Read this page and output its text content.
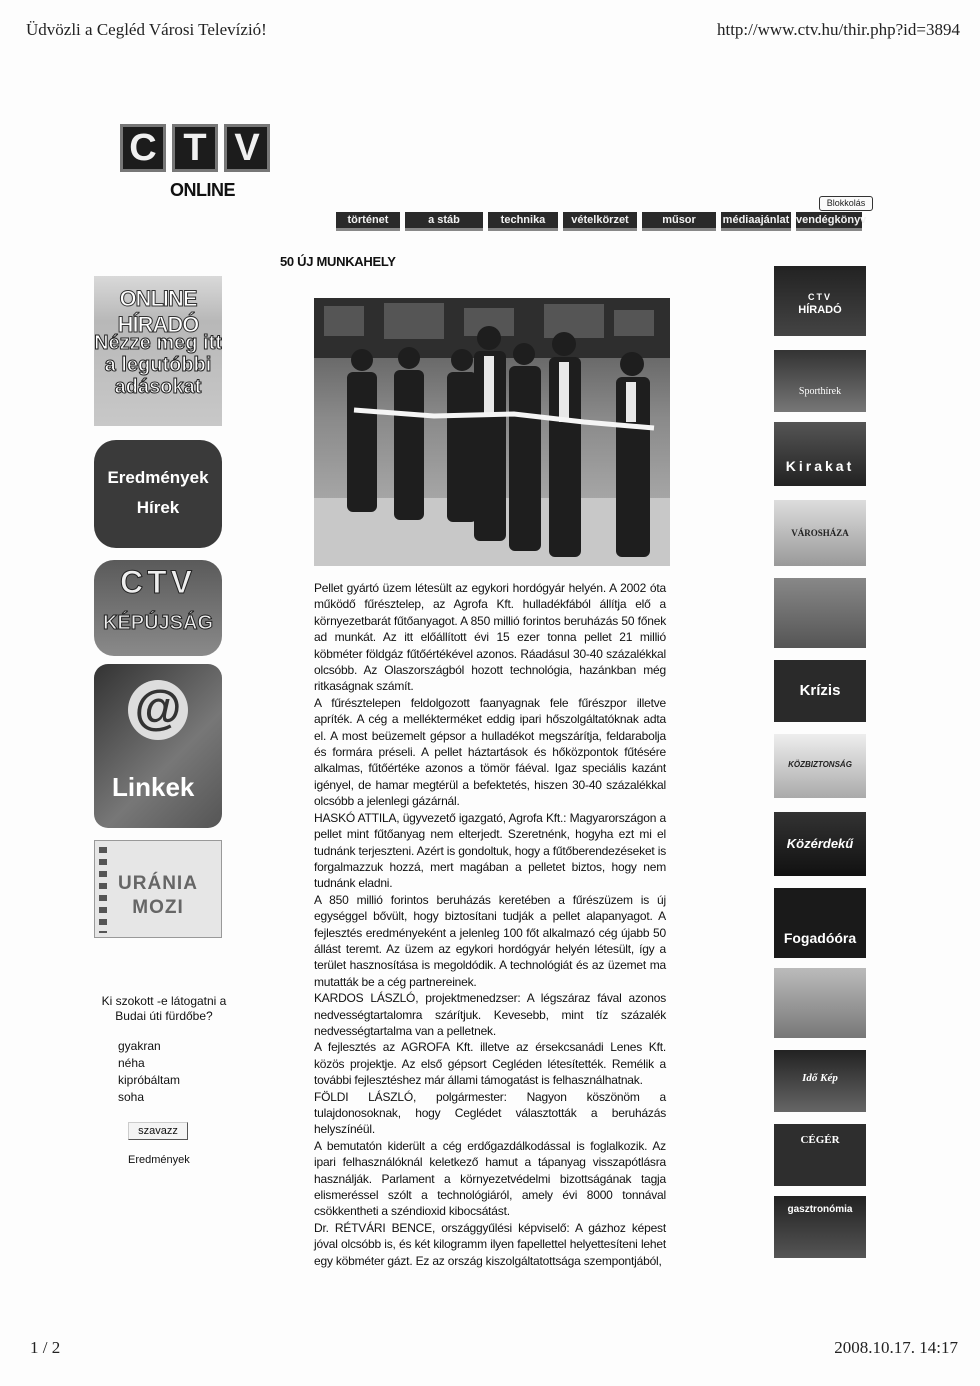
Üdvözli a Cegléd Városi Televízió!	http://www.ctv.hu/thir.php?id=3894
C T V
ONLINE
Blokkolás
történet	a stáb	technika	vételkörzet	műsor	médiaajánlat vendégkönyv
50 ÚJ MUNKAHELY
ONLINE HÍRADÓ
Nézze meg itt
a legutóbbi
adásokat
Eredmények
Hírek
CTV
KÉPÚJSÁG
@
Linkek
URÁNIA
MOZI
Ki szokott -e látogatni a Budai úti fürdőbe?
gyakran
néha
kipróbáltam
soha
szavazz
Eredmények

Pellet gyártó üzem létesült az egykori hordógyár helyén. A 2002 óta működő fűrésztelep, az Agrofa Kft. hulladékfából állítja elő a környezetbarát fűtőanyagot. A 850 millió forintos beruházás 50 főnek ad munkát. Az itt előállított évi 15 ezer tonna pellet 21 millió köbméter földgáz fűtőértékével azonos. Ráadásul 30-40 százalékkal olcsóbb. Az Olaszországból hozott technológia, hazánkban még ritkaságnak számít.

A fűrésztelepen feldolgozott faanyagnak fele fűrészpor illetve apríték. A cég a mellékterméket eddig ipari hőszolgáltatóknak adta el. A most beüzemelt gépsor a hulladékot megszárítja, feldarabolja és formára préseli. A pellet háztartások és hőközpontok fűtésére alkalmas, fűtőértéke azonos a tömör fáéval. Igaz speciális kazánt igényel, de hamar megtérül a befektetés, hiszen 30-40 százalékkal olcsóbb a jelenlegi gázárnál.

HASKÓ ATTILA, ügyvezető igazgató, Agrofa Kft.: Magyarországon a pellet mint fűtőanyag nem elterjedt. Szeretnénk, hogyha ezt mi el tudnánk terjeszteni. Azért is gondoltuk, hogy a fűtőberendezéseket is forgalmazzuk hozzá, mert magában a pelletet biztos, hogy nem tudnánk eladni.

A 850 millió forintos beruházás keretében a fűrészüzem is új egységgel bővült, hogy biztosítani tudják a pellet alapanyagot. A fejlesztés eredményeként a jelenleg 100 főt alkalmazó cég újabb 50 állást teremt. Az üzem az egykori hordógyár helyén létesült, így a terület hasznosítása is megoldódik. A technológiát és az üzemet ma mutatták be a cég partnereinek.

KARDOS LÁSZLÓ, projektmenedzser: A légszáraz fával azonos nedvességtartalomra szárítjuk. Kevesebb, mint tíz százalék nedvességtartalma van a pelletnek.

A fejlesztés az AGROFA Kft. illetve az érsekcsanádi Lenes Kft. közös projektje. Az első gépsort Cegléden létesítették. Remélik a további fejlesztéshez már állami támogatást is felhasználhatnak.

FÖLDI LÁSZLÓ, polgármester: Nagyon köszönöm a tulajdonosoknak, hogy Ceglédet választották a beruházás helyszínéül.

A bemutatón kiderült a cég erdőgazdálkodással is foglalkozik. Az ipari felhasználóknál keletkező hamut a tápanyag visszapótlásra használják. Parlament a környezetvédelmi bizottságának tagja elismeréssel szólt a technológiáról, amely évi 8000 tonnával csökkentheti a széndioxid kibocsátást.

Dr. RÉTVÁRI BENCE, országgyűlési képviselő: A gázhoz képest jóval olcsóbb is, és két kilogramm ilyen fapellettel helyettesíteni lehet egy köbméter gázt. Ez az ország kiszolgáltatottsága szempontjából,

CTV
HÍRADÓ
Sporthírek
Kirakat
VÁROSHÁZA
Krízis
KÖZBIZTONSÁG
Közérdekű
Fogadóóra
Idő Kép
CÉGÉR
gasztronómia
1 / 2	2008.10.17. 14:17
